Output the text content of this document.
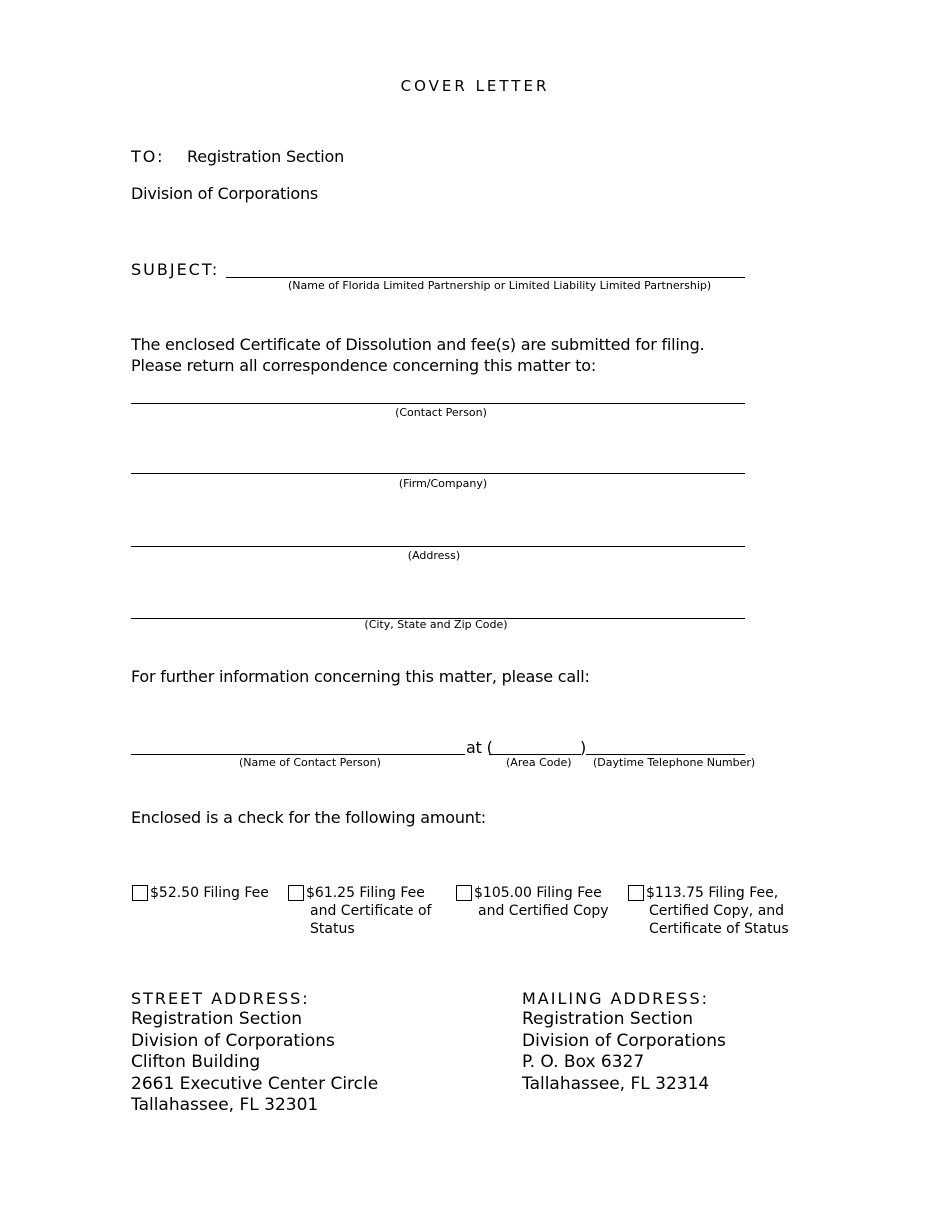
COVER LETTER
TO: Registration Section
Division of Corporations
SUBJECT:
(Name of Florida Limited Partnership or Limited Liability Limited Partnership)
The enclosed Certificate of Dissolution and fee(s) are submitted for filing.
Please return all correspondence concerning this matter to:
(Contact Person)
(Firm/Company)
(Address)
(City, State and Zip Code)
For further information concerning this matter, please call:
at (	)
(Name of Contact Person)	(Area Code) (Daytime Telephone Number)
Enclosed is a check for the following amount:
$52.50 Filing Fee	$61.25 Filing Fee
and Certificate of
Status
$105.00 Filing Fee
and Certified Copy
$113.75 Filing Fee,
Certified Copy, and
Certificate of Status
STREET ADDRESS:
Registration Section
Division of Corporations
Clifton Building
2661 Executive Center Circle
Tallahassee, FL 32301
MAILING ADDRESS:
Registration Section
Division of Corporations
P. O. Box 6327
Tallahassee, FL 32314
